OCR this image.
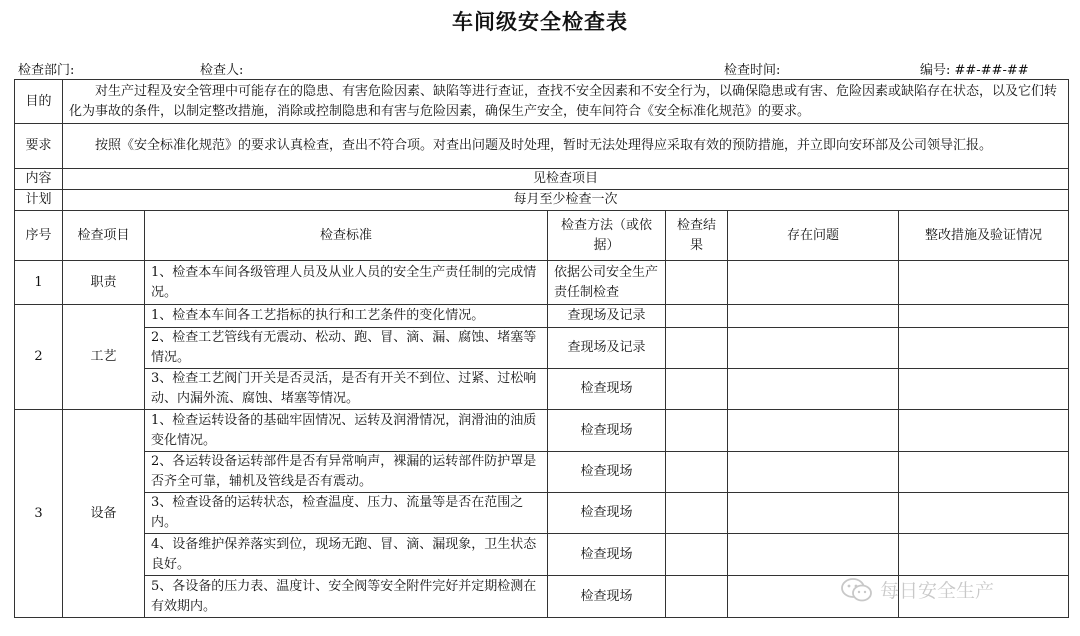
车间级安全检查表
检查部门:	检查人:	检查时间:	编号: ##-##-##
目的	对生产过程及安全管理中可能存在的隐患、有害危险因素、缺陷等进行查证，查找不安全因素和不安全行为，以确保隐患或有害、危险因素或缺陷存在状态，以及它们转化为事故的条件，以制定整改措施，消除或控制隐患和有害与危险因素，确保生产安全，使车间符合《安全标准化规范》的要求。					
要求	按照《安全标准化规范》的要求认真检查，查出不符合项。对查出问题及时处理，暂时无法处理得应采取有效的预防措施，并立即向安环部及公司领导汇报。					
内容	见检查项目					
计划	每月至少检查一次					
序号	检查项目	检查标准	检查方法（或依据）	检查结果	存在问题	整改措施及验证情况
1	职责	1、检查本车间各级管理人员及从业人员的安全生产责任制的完成情况。	依据公司安全生产责任制检查			
2	工艺	1、检查本车间各工艺指标的执行和工艺条件的变化情况。	查现场及记录			
		2、检查工艺管线有无震动、松动、跑、冒、滴、漏、腐蚀、堵塞等情况。	查现场及记录			
		3、检查工艺阀门开关是否灵活，是否有开关不到位、过紧、过松响动、内漏外流、腐蚀、堵塞等情况。	检查现场			
3	设备	1、检查运转设备的基础牢固情况、运转及润滑情况，润滑油的油质变化情况。	检查现场			
		2、各运转设备运转部件是否有异常响声，裸漏的运转部件防护罩是否齐全可靠，辅机及管线是否有震动。	检查现场			
		3、检查设备的运转状态，检查温度、压力、流量等是否在范围之内。	检查现场			
		4、设备维护保养落实到位，现场无跑、冒、滴、漏现象，卫生状态良好。	检查现场			
		5、各设备的压力表、温度计、安全阀等安全附件完好并定期检测在有效期内。	检查现场				每日安全生产
